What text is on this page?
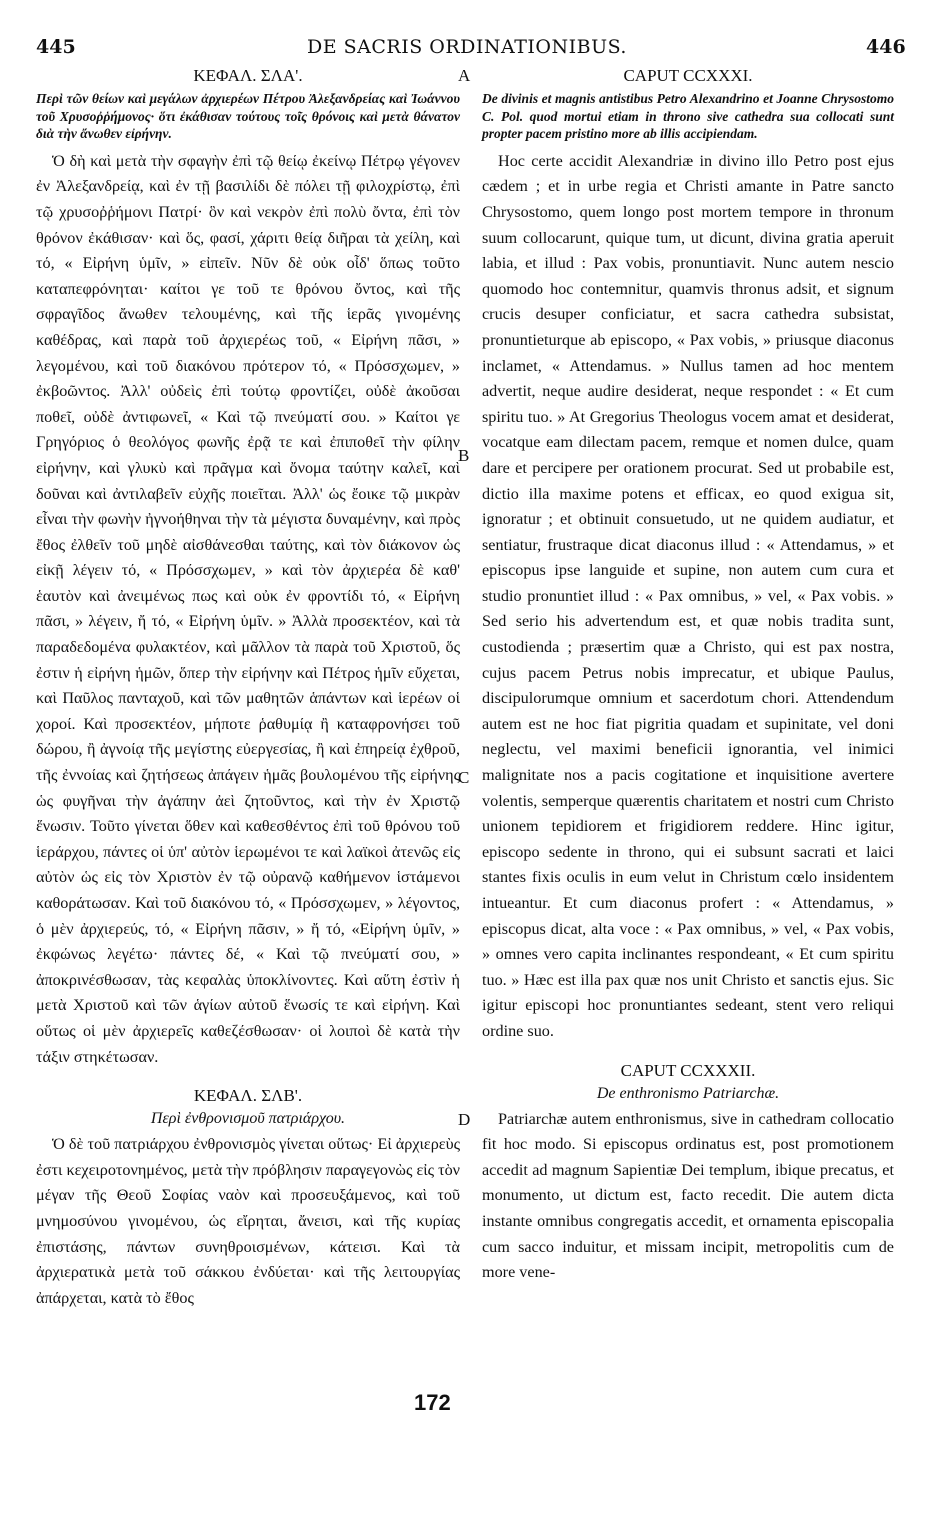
445	DE SACRIS ORDINATIONIBUS.	446
A
B
C
D
172
ΚΕΦΑΛ. ΣΛΑ'.

Περὶ τῶν θείων καὶ μεγάλων ἀρχιερέων Πέτρου Ἀλεξανδρείας καὶ Ἰωάννου τοῦ Χρυσοῤῥήμονος· ὅτι ἐκάθισαν τούτους τοῖς θρόνοις καὶ μετὰ θάνατον διὰ τὴν ἄνωθεν εἰρήνην.

Ὁ δὴ καὶ μετὰ τὴν σφαγὴν ἐπὶ τῷ θείῳ ἐκείνῳ Πέτρῳ γέγονεν ἐν Ἀλεξανδρείᾳ, καὶ ἐν τῇ βασιλίδι δὲ πόλει τῇ φιλοχρίστῳ, ἐπὶ τῷ χρυσοῤῥήμονι Πατρί· ὃν καὶ νεκρὸν ἐπὶ πολὺ ὄντα, ἐπὶ τὸν θρόνον ἐκάθισαν· καὶ ὅς, φασί, χάριτι θείᾳ διῆραι τὰ χείλη, καὶ τό, « Εἰρήνη ὑμῖν, » εἰπεῖν. Νῦν δὲ οὐκ οἶδ' ὅπως τοῦτο καταπεφρόνηται· καίτοι γε τοῦ τε θρόνου ὄντος, καὶ τῆς σφραγῖδος ἄνωθεν τελουμένης, καὶ τῆς ἱερᾶς γινομένης καθέδρας, καὶ παρὰ τοῦ ἀρχιερέως τοῦ, « Εἰρήνη πᾶσι, » λεγομένου, καὶ τοῦ διακόνου πρότερον τό, « Πρόσσχωμεν, » ἐκβοῶντος. Ἀλλ' οὐδεὶς ἐπὶ τούτῳ φροντίζει, οὐδὲ ἀκοῦσαι ποθεῖ, οὐδὲ ἀντιφωνεῖ, « Καὶ τῷ πνεύματί σου. » Καίτοι γε Γρηγόριος ὁ θεολόγος φωνῆς ἐρᾷ τε καὶ ἐπιποθεῖ τὴν φίλην εἰρήνην, καὶ γλυκὺ καὶ πρᾶγμα καὶ ὄνομα ταύτην καλεῖ, καὶ δοῦναι καὶ ἀντιλαβεῖν εὐχῆς ποιεῖται. Ἀλλ' ὡς ἔοικε τῷ μικρὰν εἶναι τὴν φωνὴν ἠγνοήθηναι τὴν τὰ μέγιστα δυναμένην, καὶ πρὸς ἔθος ἐλθεῖν τοῦ μηδὲ αἰσθάνεσθαι ταύτης, καὶ τὸν διάκονον ὡς εἰκῇ λέγειν τό, « Πρόσσχωμεν, » καὶ τὸν ἀρχιερέα δὲ καθ' ἑαυτὸν καὶ ἀνειμένως πως καὶ οὐκ ἐν φροντίδι τό, « Εἰρήνη πᾶσι, » λέγειν, ἤ τό, « Εἰρήνη ὑμῖν. » Ἀλλὰ προσεκτέον, καὶ τὰ παραδεδομένα φυλακτέον, καὶ μᾶλλον τὰ παρὰ τοῦ Χριστοῦ, ὅς ἐστιν ἡ εἰρήνη ἡμῶν, ὅπερ τὴν εἰρήνην καὶ Πέτρος ἡμῖν εὔχεται, καὶ Παῦλος πανταχοῦ, καὶ τῶν μαθητῶν ἁπάντων καὶ ἱερέων οἱ χοροί. Καὶ προσεκτέον, μήποτε ῥαθυμίᾳ ἢ καταφρονήσει τοῦ δώρου, ἢ ἀγνοίᾳ τῆς μεγίστης εὐεργεσίας, ἢ καὶ ἐπηρείᾳ ἐχθροῦ, τῆς ἐννοίας καὶ ζητήσεως ἀπάγειν ἡμᾶς βουλομένου τῆς εἰρήνης ὡς φυγῆναι τὴν ἀγάπην ἀεὶ ζητοῦντος, καὶ τὴν ἐν Χριστῷ ἕνωσιν. Τοῦτο γίνεται ὅθεν καὶ καθεσθέντος ἐπὶ τοῦ θρόνου τοῦ ἱεράρχου, πάντες οἱ ὑπ' αὐτὸν ἱερωμένοι τε καὶ λαϊκοὶ ἀτενῶς εἰς αὐτὸν ὡς εἰς τὸν Χριστὸν ἐν τῷ οὐρανῷ καθήμενον ἱστάμενοι καθοράτωσαν. Καὶ τοῦ διακόνου τό, « Πρόσσχωμεν, » λέγοντος, ὁ μὲν ἀρχιερεύς, τό, « Εἰρήνη πᾶσιν, » ἤ τό, «Εἰρήνη ὑμῖν, » ἐκφώνως λεγέτω· πάντες δέ, « Καὶ τῷ πνεύματί σου, » ἀποκρινέσθωσαν, τὰς κεφαλὰς ὑποκλίνοντες. Καὶ αὕτη ἐστὶν ἡ μετὰ Χριστοῦ καὶ τῶν ἁγίων αὐτοῦ ἕνωσίς τε καὶ εἰρήνη. Καὶ οὕτως οἱ μὲν ἀρχιερεῖς καθεζέσθωσαν· οἱ λοιποὶ δὲ κατὰ τὴν τάξιν στηκέτωσαν.

ΚΕΦΑΛ. ΣΛΒ'.
Περὶ ἐνθρονισμοῦ πατριάρχου.

Ὁ δὲ τοῦ πατριάρχου ἐνθρονισμὸς γίνεται οὕτως· Εἰ ἀρχιερεὺς ἐστι κεχειροτονημένος, μετὰ τὴν πρόβλησιν παραγεγονὼς εἰς τὸν μέγαν τῆς Θεοῦ Σοφίας ναὸν καὶ προσευξάμενος, καὶ τοῦ μνημοσύνου γινομένου, ὡς εἴρηται, ἄνεισι, καὶ τῆς κυρίας ἐπιστάσης, πάντων συνηθροισμένων, κάτεισι. Καὶ τὰ ἀρχιερατικὰ μετὰ τοῦ σάκκου ἐνδύεται· καὶ τῆς λειτουργίας ἀπάρχεται, κατὰ τὸ ἔθος

CAPUT CCXXXI.

De divinis et magnis antistibus Petro Alexandrino et Joanne Chrysostomo C. Pol. quod mortui etiam in throno sive cathedra sua collocati sunt propter pacem pristino more ab illis accipiendam.

Hoc certe accidit Alexandriæ in divino illo Petro post ejus cædem ; et in urbe regia et Christi amante in Patre sancto Chrysostomo, quem longo post mortem tempore in thronum suum collocarunt, quique tum, ut dicunt, divina gratia aperuit labia, et illud : Pax vobis, pronuntiavit. Nunc autem nescio quomodo hoc contemnitur, quamvis thronus adsit, et signum crucis desuper conficiatur, et sacra cathedra subsistat, pronuntieturque ab episcopo, « Pax vobis, » priusque diaconus inclamet, « Attendamus. » Nullus tamen ad hoc mentem advertit, neque audire desiderat, neque respondet : « Et cum spiritu tuo. » At Gregorius Theologus vocem amat et desiderat, vocatque eam dilectam pacem, remque et nomen dulce, quam dare et percipere per orationem procurat. Sed ut probabile est, dictio illa maxime potens et efficax, eo quod exigua sit, ignoratur ; et obtinuit consuetudo, ut ne quidem audiatur, et sentiatur, frustraque dicat diaconus illud : « Attendamus, » et episcopus ipse languide et supine, non autem cum cura et studio pronuntiet illud : « Pax omnibus, » vel, « Pax vobis. » Sed serio his advertendum est, et quæ nobis tradita sunt, custodienda ; præsertim quæ a Christo, qui est pax nostra, cujus pacem Petrus nobis imprecatur, et ubique Paulus, discipulorumque omnium et sacerdotum chori. Attendendum autem est ne hoc fiat pigritia quadam et supinitate, vel doni neglectu, vel maximi beneficii ignorantia, vel inimici malignitate nos a pacis cogitatione et inquisitione avertere volentis, semperque quærentis charitatem et nostri cum Christo unionem tepidiorem et frigidiorem reddere. Hinc igitur, episcopo sedente in throno, qui ei subsunt sacrati et laici stantes fixis oculis in eum velut in Christum cœlo insidentem intueantur. Et cum diaconus profert : « Attendamus, » episcopus dicat, alta voce : « Pax omnibus, » vel, « Pax vobis, » omnes vero capita inclinantes respondeant, « Et cum spiritu tuo. » Hæc est illa pax quæ nos unit Christo et sanctis ejus. Sic igitur episcopi hoc pronuntiantes sedeant, stent vero reliqui ordine suo.

CAPUT CCXXXII.
De enthronismo Patriarchæ.

Patriarchæ autem enthronismus, sive in cathedram collocatio fit hoc modo. Si episcopus ordinatus est, post promotionem accedit ad magnum Sapientiæ Dei templum, ibique precatus, et monumento, ut dictum est, facto recedit. Die autem dicta instante omnibus congregatis accedit, et ornamenta episcopalia cum sacco induitur, et missam incipit, metropolitis cum de more vene-
